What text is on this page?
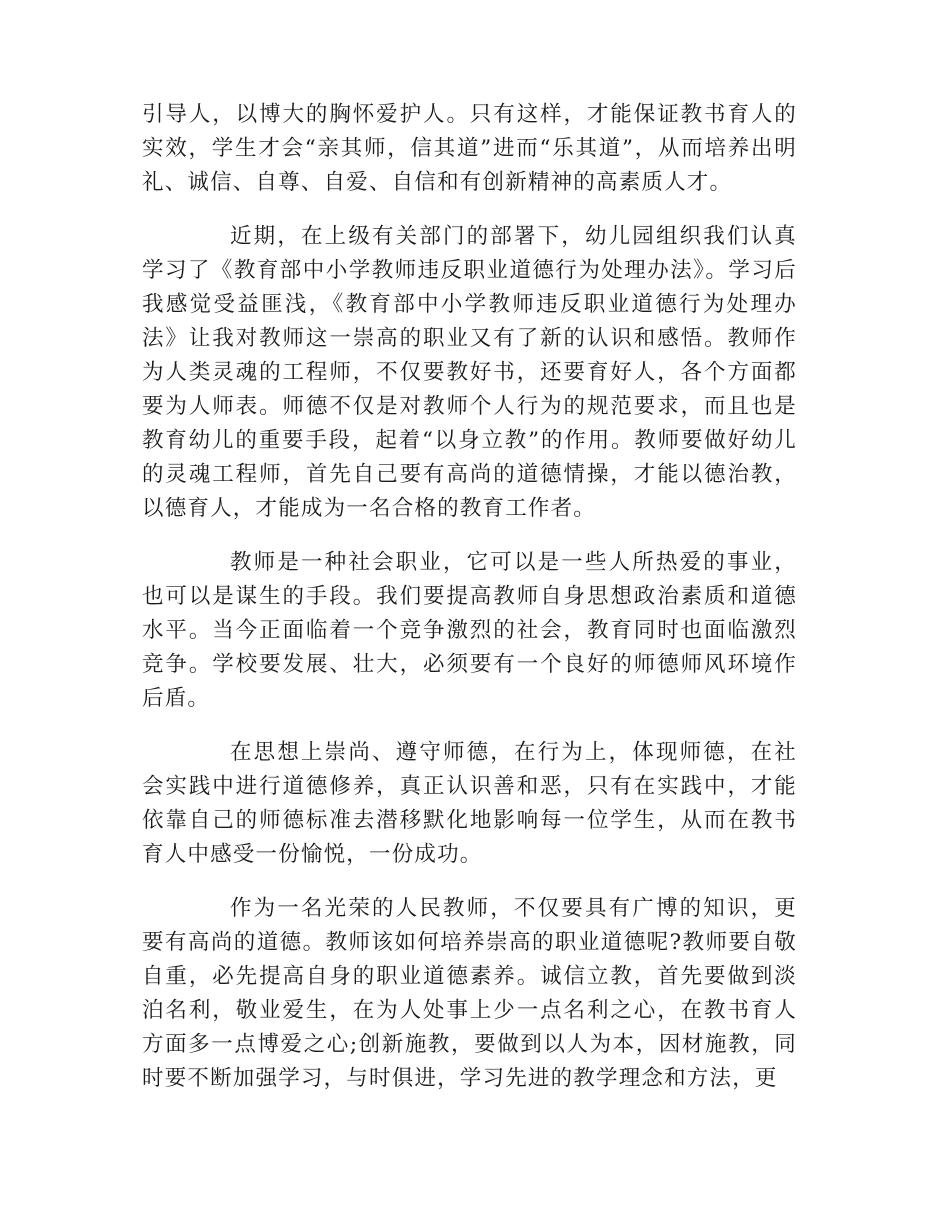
引导人，以博大的胸怀爱护人。只有这样，才能保证教书育人的实效，学生才会“亲其师，信其道”进而“乐其道”，从而培养出明礼、诚信、自尊、自爱、自信和有创新精神的高素质人才。

近期，在上级有关部门的部署下，幼儿园组织我们认真学习了《教育部中小学教师违反职业道德行为处理办法》。学习后我感觉受益匪浅，《教育部中小学教师违反职业道德行为处理办法》让我对教师这一崇高的职业又有了新的认识和感悟。教师作为人类灵魂的工程师，不仅要教好书，还要育好人，各个方面都要为人师表。师德不仅是对教师个人行为的规范要求，而且也是教育幼儿的重要手段，起着“以身立教”的作用。教师要做好幼儿的灵魂工程师，首先自己要有高尚的道德情操，才能以德治教，以德育人，才能成为一名合格的教育工作者。

教师是一种社会职业，它可以是一些人所热爱的事业，也可以是谋生的手段。我们要提高教师自身思想政治素质和道德水平。当今正面临着一个竞争激烈的社会，教育同时也面临激烈竞争。学校要发展、壮大，必须要有一个良好的师德师风环境作后盾。

在思想上崇尚、遵守师德，在行为上，体现师德，在社会实践中进行道德修养，真正认识善和恶，只有在实践中，才能依靠自己的师德标准去潜移默化地影响每一位学生，从而在教书育人中感受一份愉悦，一份成功。

作为一名光荣的人民教师，不仅要具有广博的知识，更要有高尚的道德。教师该如何培养崇高的职业道德呢?教师要自敬自重，必先提高自身的职业道德素养。诚信立教，首先要做到淡泊名利，敬业爱生，在为人处事上少一点名利之心，在教书育人方面多一点博爱之心;创新施教，要做到以人为本，因材施教，同时要不断加强学习，与时俱进，学习先进的教学理念和方法，更
